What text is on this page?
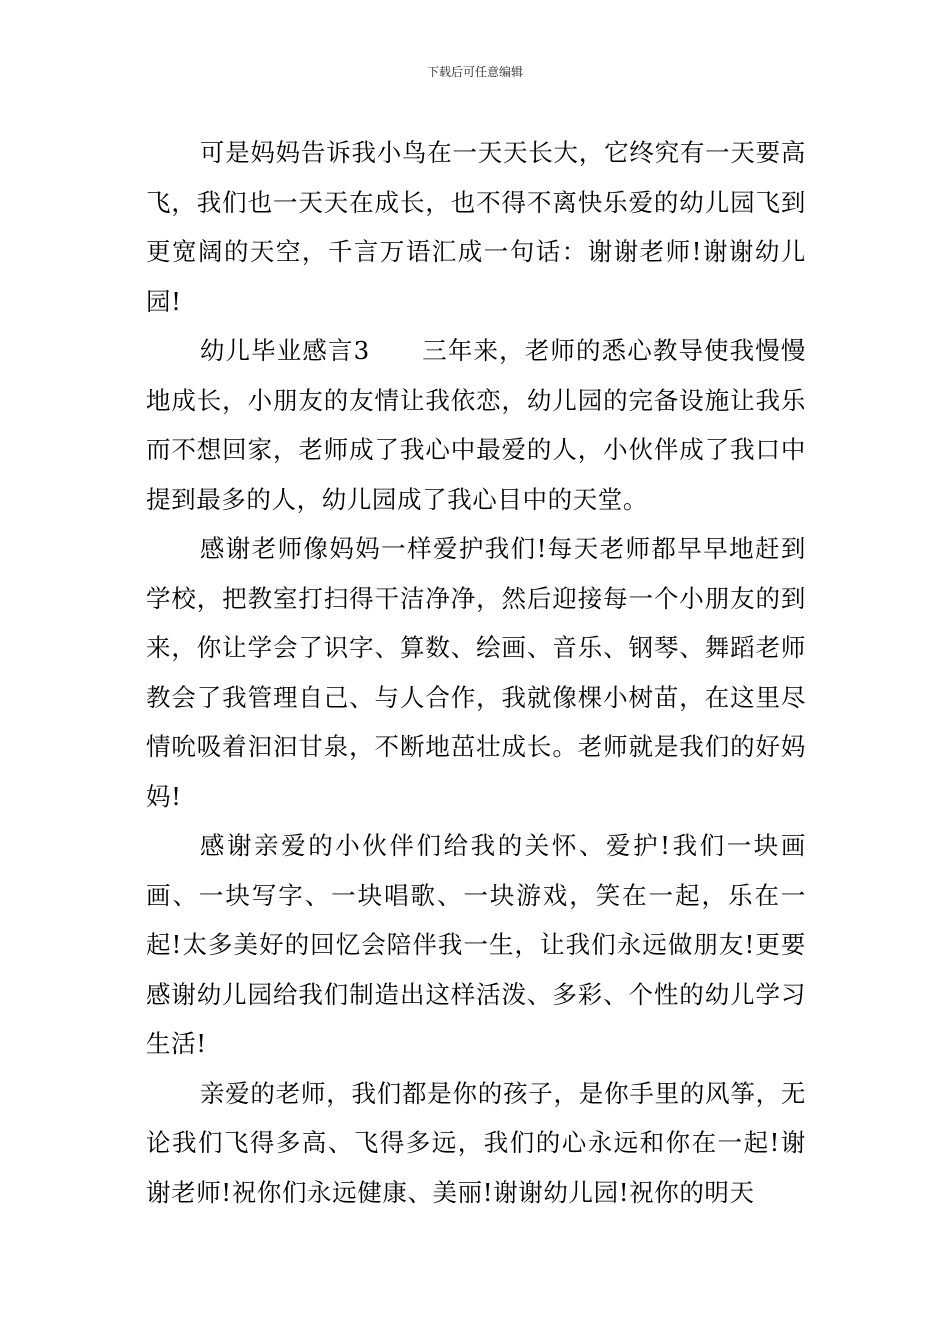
下载后可任意编辑

可是妈妈告诉我小鸟在一天天长大，它终究有一天要高飞，我们也一天天在成长，也不得不离快乐爱的幼儿园飞到更宽阔的天空，千言万语汇成一句话：谢谢老师!谢谢幼儿园!

幼儿毕业感言3 三年来，老师的悉心教导使我慢慢地成长，小朋友的友情让我依恋，幼儿园的完备设施让我乐而不想回家，老师成了我心中最爱的人，小伙伴成了我口中提到最多的人，幼儿园成了我心目中的天堂。

感谢老师像妈妈一样爱护我们!每天老师都早早地赶到学校，把教室打扫得干洁净净，然后迎接每一个小朋友的到来，你让学会了识字、算数、绘画、音乐、钢琴、舞蹈老师教会了我管理自己、与人合作，我就像棵小树苗，在这里尽情吮吸着汩汩甘泉，不断地茁壮成长。老师就是我们的好妈妈!

感谢亲爱的小伙伴们给我的关怀、爱护!我们一块画画、一块写字、一块唱歌、一块游戏，笑在一起，乐在一起!太多美好的回忆会陪伴我一生，让我们永远做朋友!更要感谢幼儿园给我们制造出这样活泼、多彩、个性的幼儿学习生活!

亲爱的老师，我们都是你的孩子，是你手里的风筝，无论我们飞得多高、飞得多远，我们的心永远和你在一起!谢谢老师!祝你们永远健康、美丽!谢谢幼儿园!祝你的明天
